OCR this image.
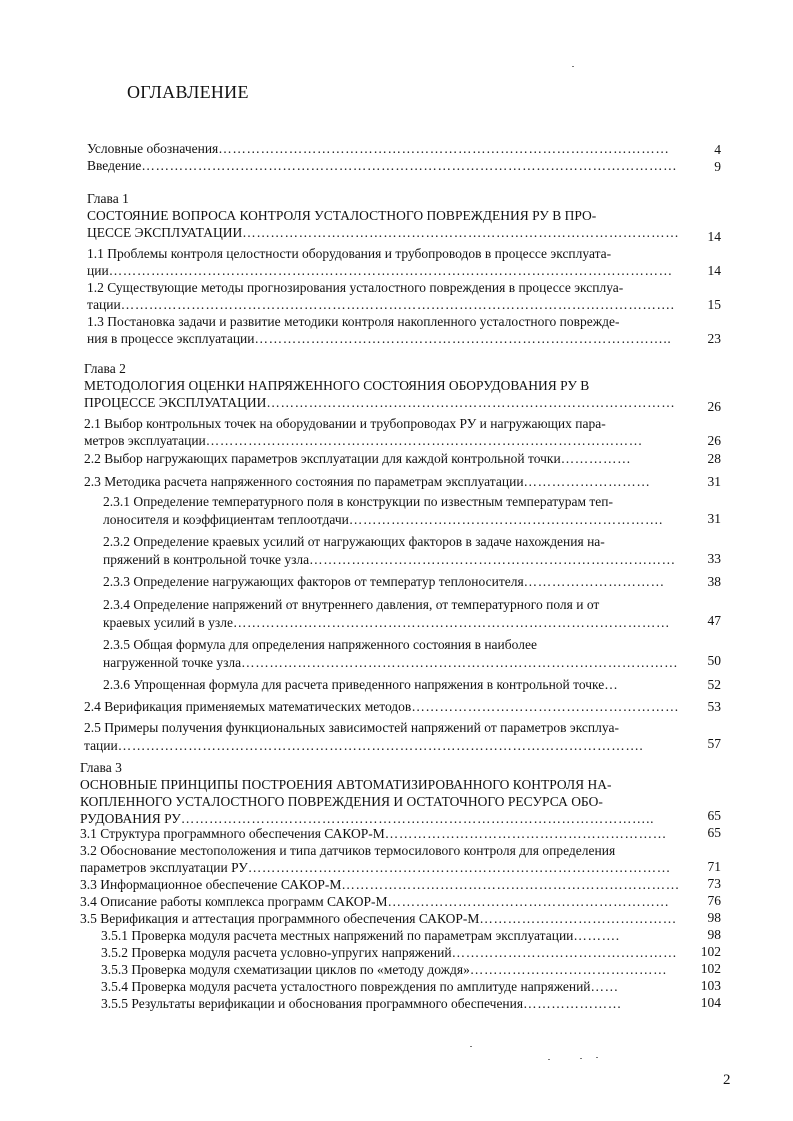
ОГЛАВЛЕНИЕ
Условные обозначения……………………………………………………………………………………	4
Введение……………………………………………………………………………………………………	9
Глава 1
СОСТОЯНИЕ ВОПРОСА КОНТРОЛЯ УСТАЛОСТНОГО ПОВРЕЖДЕНИЯ РУ В ПРО-
ЦЕССЕ ЭКСПЛУАТАЦИИ………………………………………………………………………………… 14
1.1 Проблемы контроля целостности оборудования и трубопроводов в процессе эксплуата-
ции…………………………………………………………………………………………………………	14
1.2 Существующие методы прогнозирования усталостного повреждения в процессе эксплуа-
тации………………………………………………………………………………………………………. 15
1.3 Постановка задачи и развитие методики контроля накопленного усталостного поврежде-
ния в процессе эксплуатации……………………………………………………………………………..	23
Глава 2
МЕТОДОЛОГИЯ ОЦЕНКИ НАПРЯЖЕННОГО СОСТОЯНИЯ ОБОРУДОВАНИЯ РУ В
ПРОЦЕССЕ ЭКСПЛУАТАЦИИ…………………………………………………………………………… 26
2.1 Выбор контрольных точек на оборудовании и трубопроводах РУ и нагружающих пара-
метров эксплуатации…………………………………………………………………………………	26
2.2 Выбор нагружающих параметров эксплуатации для каждой контрольной точки……………	28
2.3 Методика расчета напряженного состояния по параметрам эксплуатации………………………	31
2.3.1 Определение температурного поля в конструкции по известным температурам теп-
лоносителя и коэффициентам теплоотдачи………………………………………………………….	31
2.3.2 Определение краевых усилий от нагружающих факторов в задаче нахождения на-
пряжений в контрольной точке узла…………………………………………………………………… 33
2.3.3 Определение нагружающих факторов от температур теплоносителя…………………………	38
2.3.4 Определение напряжений от внутреннего давления, от температурного поля и от
краевых усилий в узле…………………………………………………………………………………	47
2.3.5 Общая формула для определения напряженного состояния в наиболее
нагруженной точке узла………………………………………………………………………………… 50
2.3.6 Упрощенная формула для расчета приведенного напряжения в контрольной точке…	52
2.4 Верификация применяемых математических методов………………………………………………… 53
2.5 Примеры получения функциональных зависимостей напряжений от параметров эксплуа-
тации………………………………………………………………………………………………….	57
Глава 3
ОСНОВНЫЕ ПРИНЦИПЫ ПОСТРОЕНИЯ АВТОМАТИЗИРОВАННОГО КОНТРОЛЯ НА-
КОПЛЕННОГО УСТАЛОСТНОГО ПОВРЕЖДЕНИЯ И ОСТАТОЧНОГО РЕСУРСА ОБО-
РУДОВАНИЯ РУ………………………………………………………………………………………..	65
3.1 Структура программного обеспечения САКОР-М……………………………………………………	65
3.2 Обоснование местоположения и типа датчиков термосилового контроля для определения
параметров эксплуатации РУ………………………………………………………………………………	71
3.3 Информационное обеспечение САКОР-М……………………………………………………………… 73
3.4 Описание работы комплекса программ САКОР-М……………………………………………………	76
3.5 Верификация и аттестация программного обеспечения САКОР-М…………………………………… 98
3.5.1 Проверка модуля расчета местных напряжений по параметрам эксплуатации……….	98
3.5.2 Проверка модуля расчета условно-упругих напряжений………………………………………… 102
3.5.3 Проверка модуля схематизации циклов по «методу дождя»…………………………………… 102
3.5.4 Проверка модуля расчета усталостного повреждения по амплитуде напряжений……	103
3.5.5 Результаты верификации и обоснования программного обеспечения…………………	104
2
